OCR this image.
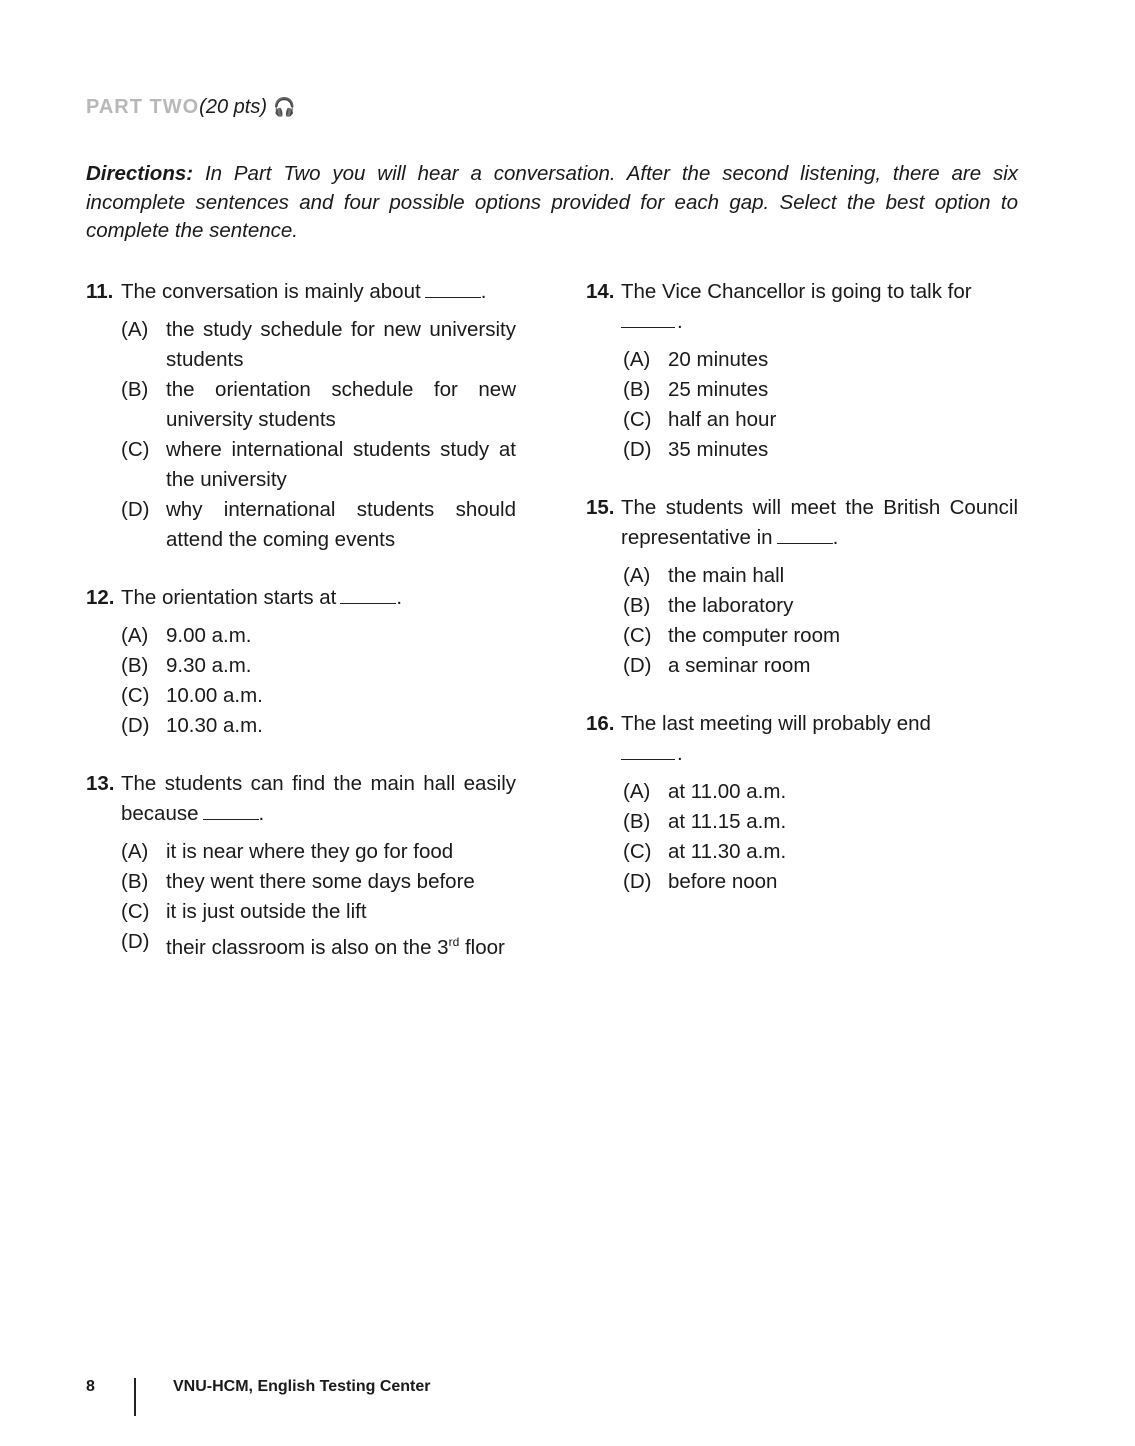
PART TWO(20 pts) 🎧
Directions: In Part Two you will hear a conversation. After the second listening, there are six incomplete sentences and four possible options provided for each gap. Select the best option to complete the sentence.
11. The conversation is mainly about	.
(A) the study schedule for new university students
(B) the orientation schedule for new university students
(C) where international students study at the university
(D) why international students should attend the coming events
12. The orientation starts at	.
(A) 9.00 a.m.
(B) 9.30 a.m.
(C) 10.00 a.m.
(D) 10.30 a.m.
13. The students can find the main hall easily because	.
(A) it is near where they go for food
(B) they went there some days before
(C) it is just outside the lift
(D) their classroom is also on the 3rd floor
14. The Vice Chancellor is going to talk for
.
(A) 20 minutes
(B) 25 minutes
(C) half an hour
(D) 35 minutes
15. The students will meet the British Council representative in	.
(A) the main hall
(B) the laboratory
(C) the computer room
(D) a seminar room
16. The last meeting will probably end
.
(A) at 11.00 a.m.
(B) at 11.15 a.m.
(C) at 11.30 a.m.
(D) before noon
8	VNU-HCM, English Testing Center
